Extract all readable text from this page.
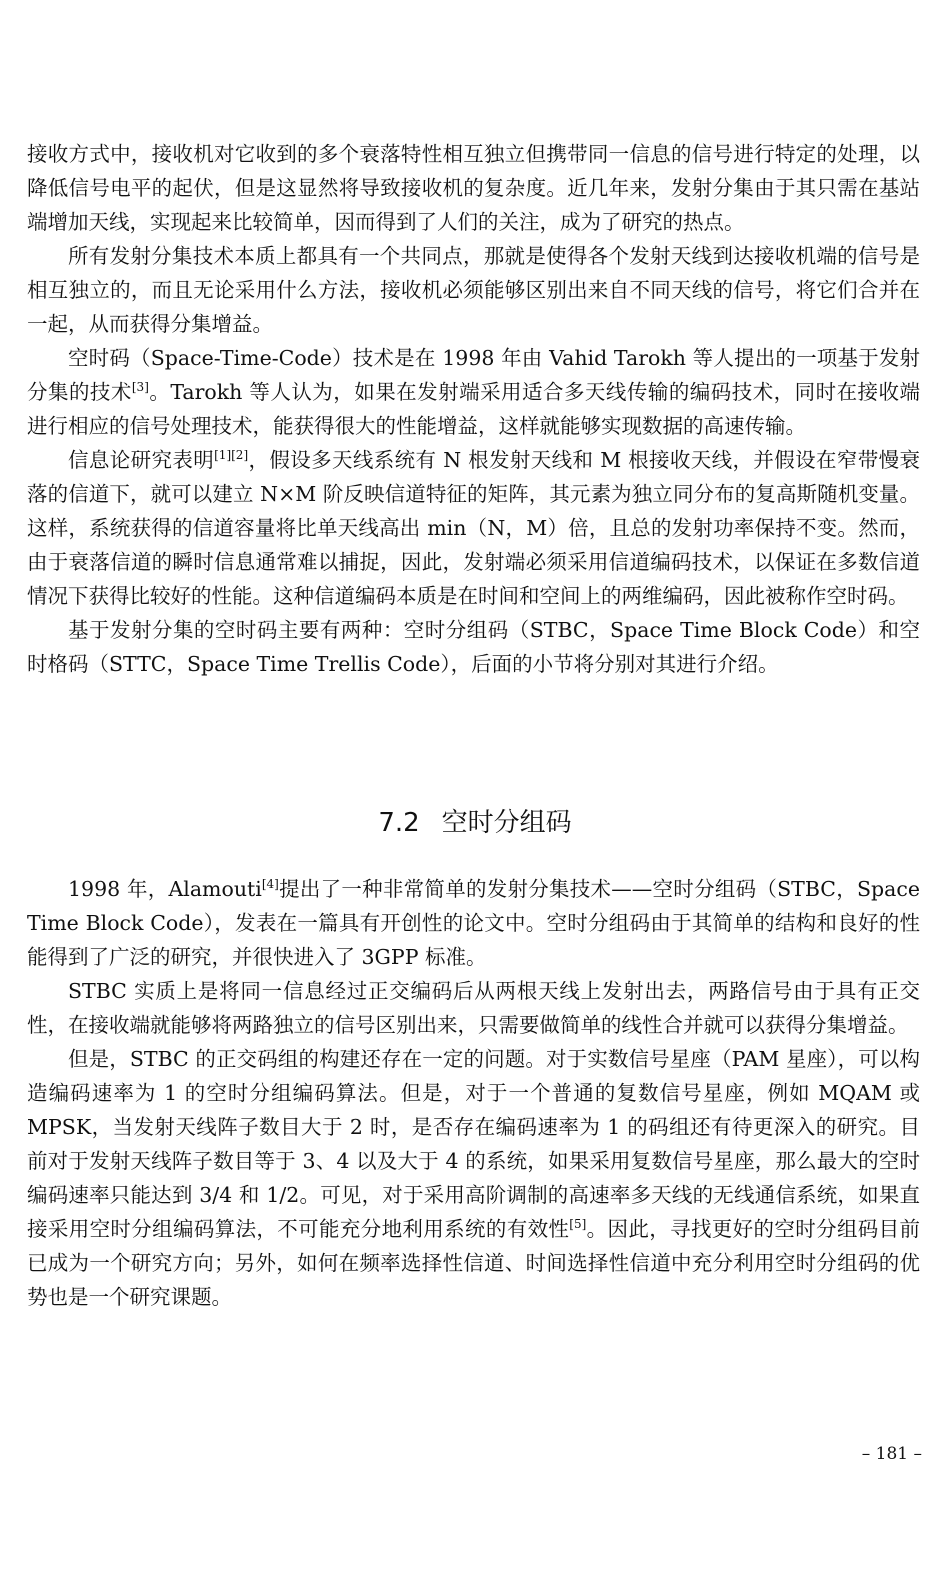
接收方式中，接收机对它收到的多个衰落特性相互独立但携带同一信息的信号进行特定的处理，以降低信号电平的起伏，但是这显然将导致接收机的复杂度。近几年来，发射分集由于其只需在基站端增加天线，实现起来比较简单，因而得到了人们的关注，成为了研究的热点。

所有发射分集技术本质上都具有一个共同点，那就是使得各个发射天线到达接收机端的信号是相互独立的，而且无论采用什么方法，接收机必须能够区别出来自不同天线的信号，将它们合并在一起，从而获得分集增益。

空时码（Space-Time-Code）技术是在 1998 年由 Vahid Tarokh 等人提出的一项基于发射分集的技术[3]。Tarokh 等人认为，如果在发射端采用适合多天线传输的编码技术，同时在接收端进行相应的信号处理技术，能获得很大的性能增益，这样就能够实现数据的高速传输。

信息论研究表明[1][2]，假设多天线系统有 N 根发射天线和 M 根接收天线，并假设在窄带慢衰落的信道下，就可以建立 N×M 阶反映信道特征的矩阵，其元素为独立同分布的复高斯随机变量。这样，系统获得的信道容量将比单天线高出 min（N，M）倍，且总的发射功率保持不变。然而，由于衰落信道的瞬时信息通常难以捕捉，因此，发射端必须采用信道编码技术，以保证在多数信道情况下获得比较好的性能。这种信道编码本质是在时间和空间上的两维编码，因此被称作空时码。

基于发射分集的空时码主要有两种：空时分组码（STBC，Space Time Block Code）和空时格码（STTC，Space Time Trellis Code），后面的小节将分别对其进行介绍。

7.2 空时分组码

1998 年，Alamouti[4]提出了一种非常简单的发射分集技术——空时分组码（STBC，Space Time Block Code），发表在一篇具有开创性的论文中。空时分组码由于其简单的结构和良好的性能得到了广泛的研究，并很快进入了 3GPP 标准。

STBC 实质上是将同一信息经过正交编码后从两根天线上发射出去，两路信号由于具有正交性，在接收端就能够将两路独立的信号区别出来，只需要做简单的线性合并就可以获得分集增益。

但是，STBC 的正交码组的构建还存在一定的问题。对于实数信号星座（PAM 星座），可以构造编码速率为 1 的空时分组编码算法。但是，对于一个普通的复数信号星座，例如 MQAM 或 MPSK，当发射天线阵子数目大于 2 时，是否存在编码速率为 1 的码组还有待更深入的研究。目前对于发射天线阵子数目等于 3、4 以及大于 4 的系统，如果采用复数信号星座，那么最大的空时编码速率只能达到 3/4 和 1/2。可见，对于采用高阶调制的高速率多天线的无线通信系统，如果直接采用空时分组编码算法，不可能充分地利用系统的有效性[5]。因此，寻找更好的空时分组码目前已成为一个研究方向；另外，如何在频率选择性信道、时间选择性信道中充分利用空时分组码的优势也是一个研究课题。

– 181 –
